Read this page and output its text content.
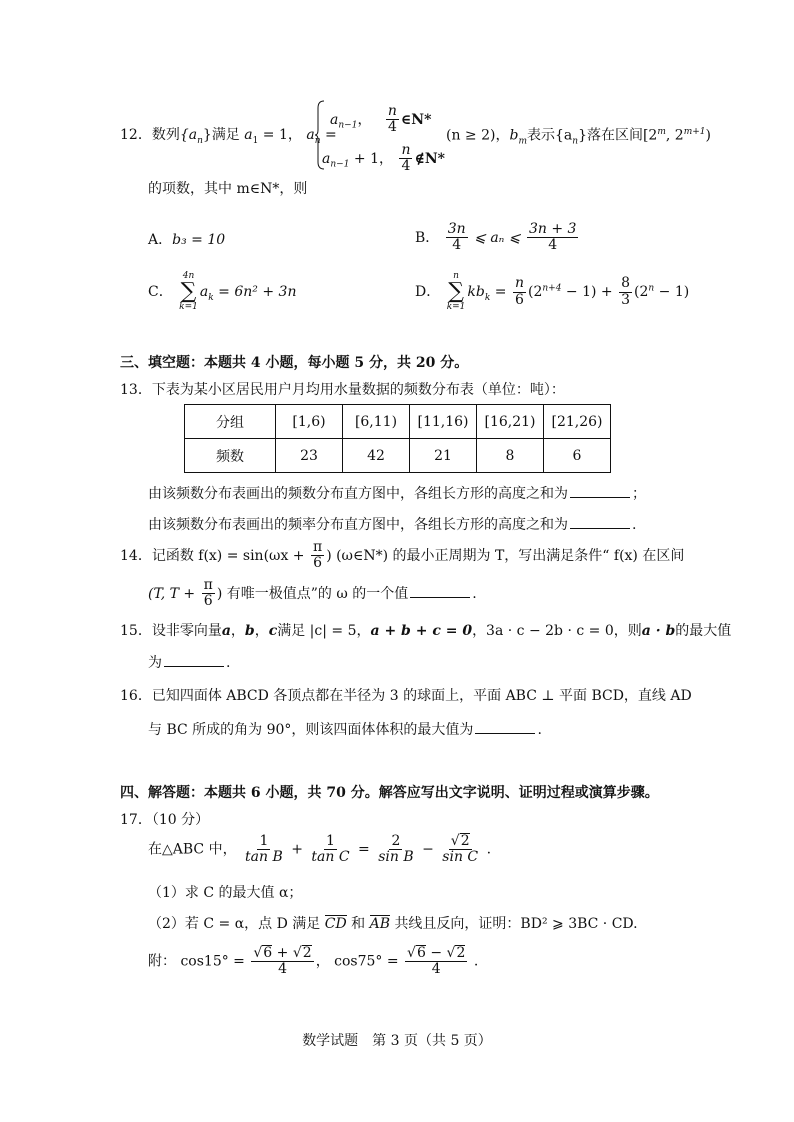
12．数列$\{a_n\}$满足 $a_1 = 1$， $a_n$ =
$a_{n-1}$， $\frac{n}{4}$ ∈N*
$a_{n-1} + 1$， $\frac{n}{4}$ ∉N*
(n ≥ 2)，$b_m$表示$\{a_n\}$落在区间[2$^m$, $2^{m+1}$)
的项数，其中 m∈N*，则
A．b₃ = 10	B． $\frac{3n}{4}$ ⩽ aₙ ⩽ $\frac{3n + 3}{4}$
C．
4n
∑
k=1
$a_k = 6n^2 + 3n$	D．
n
∑
k=1
$kb_k = \frac{n}{6} (2^{n+4} - 1) + \frac{8}{3} (2^n - 1)$
三、填空题：本题共 4 小题，每小题 5 分，共 20 分。
13．下表为某小区居民用户月均用水量数据的频数分布表（单位：吨）：
分组	[1,6)	[6,11)	[11,16)	[16,21)	[21,26)
频数	23	42	21	8	6
由该频数分布表画出的频数分布直方图中，各组长方形的高度之和为	；
由该频数分布表画出的频率分布直方图中，各组长方形的高度之和为	.
14．记函数 $f(x) = \sin(\omega x + \frac{\pi}{6}$ ) (ω∈N*) 的最小正周期为 T，写出满足条件“ f(x) 在区间
(T, $T + \frac{\pi}{6}$ ) 有唯一极值点”的 ω 的一个值	.
15．设非零向量a，b，c满足 |c| = 5，a + b + c = 0，3a · c − 2b · c = 0，则a · b的最大值
为	.
16．已知四面体 ABCD 各顶点都在半径为 3 的球面上，平面 ABC ⊥ 平面 BCD，直线 AD
与 BC 所成的角为 90°，则该四面体体积的最大值为	.
四、解答题：本题共 6 小题，共 70 分。解答应写出文字说明、证明过程或演算步骤。
17．（10 分）
在△ABC 中， $\frac{1}{\text{tan B}} + \frac{1}{\text{tan C}} = \frac{2}{\text{sin B}} - \frac{√2}{\text{sin C}}$ .
（1）求 C 的最大值 α；
（2）若 C = α，点 D 满足 CD 和 AB 共线且反向，证明：BD² ⩾ 3BC · CD.
附： $\cos 15^\circ = \frac{√6 + √2}{4}$ ， $\cos 75^\circ = \frac{√6 - √2}{4}$ .
数学试题　第 3 页（共 5 页）
